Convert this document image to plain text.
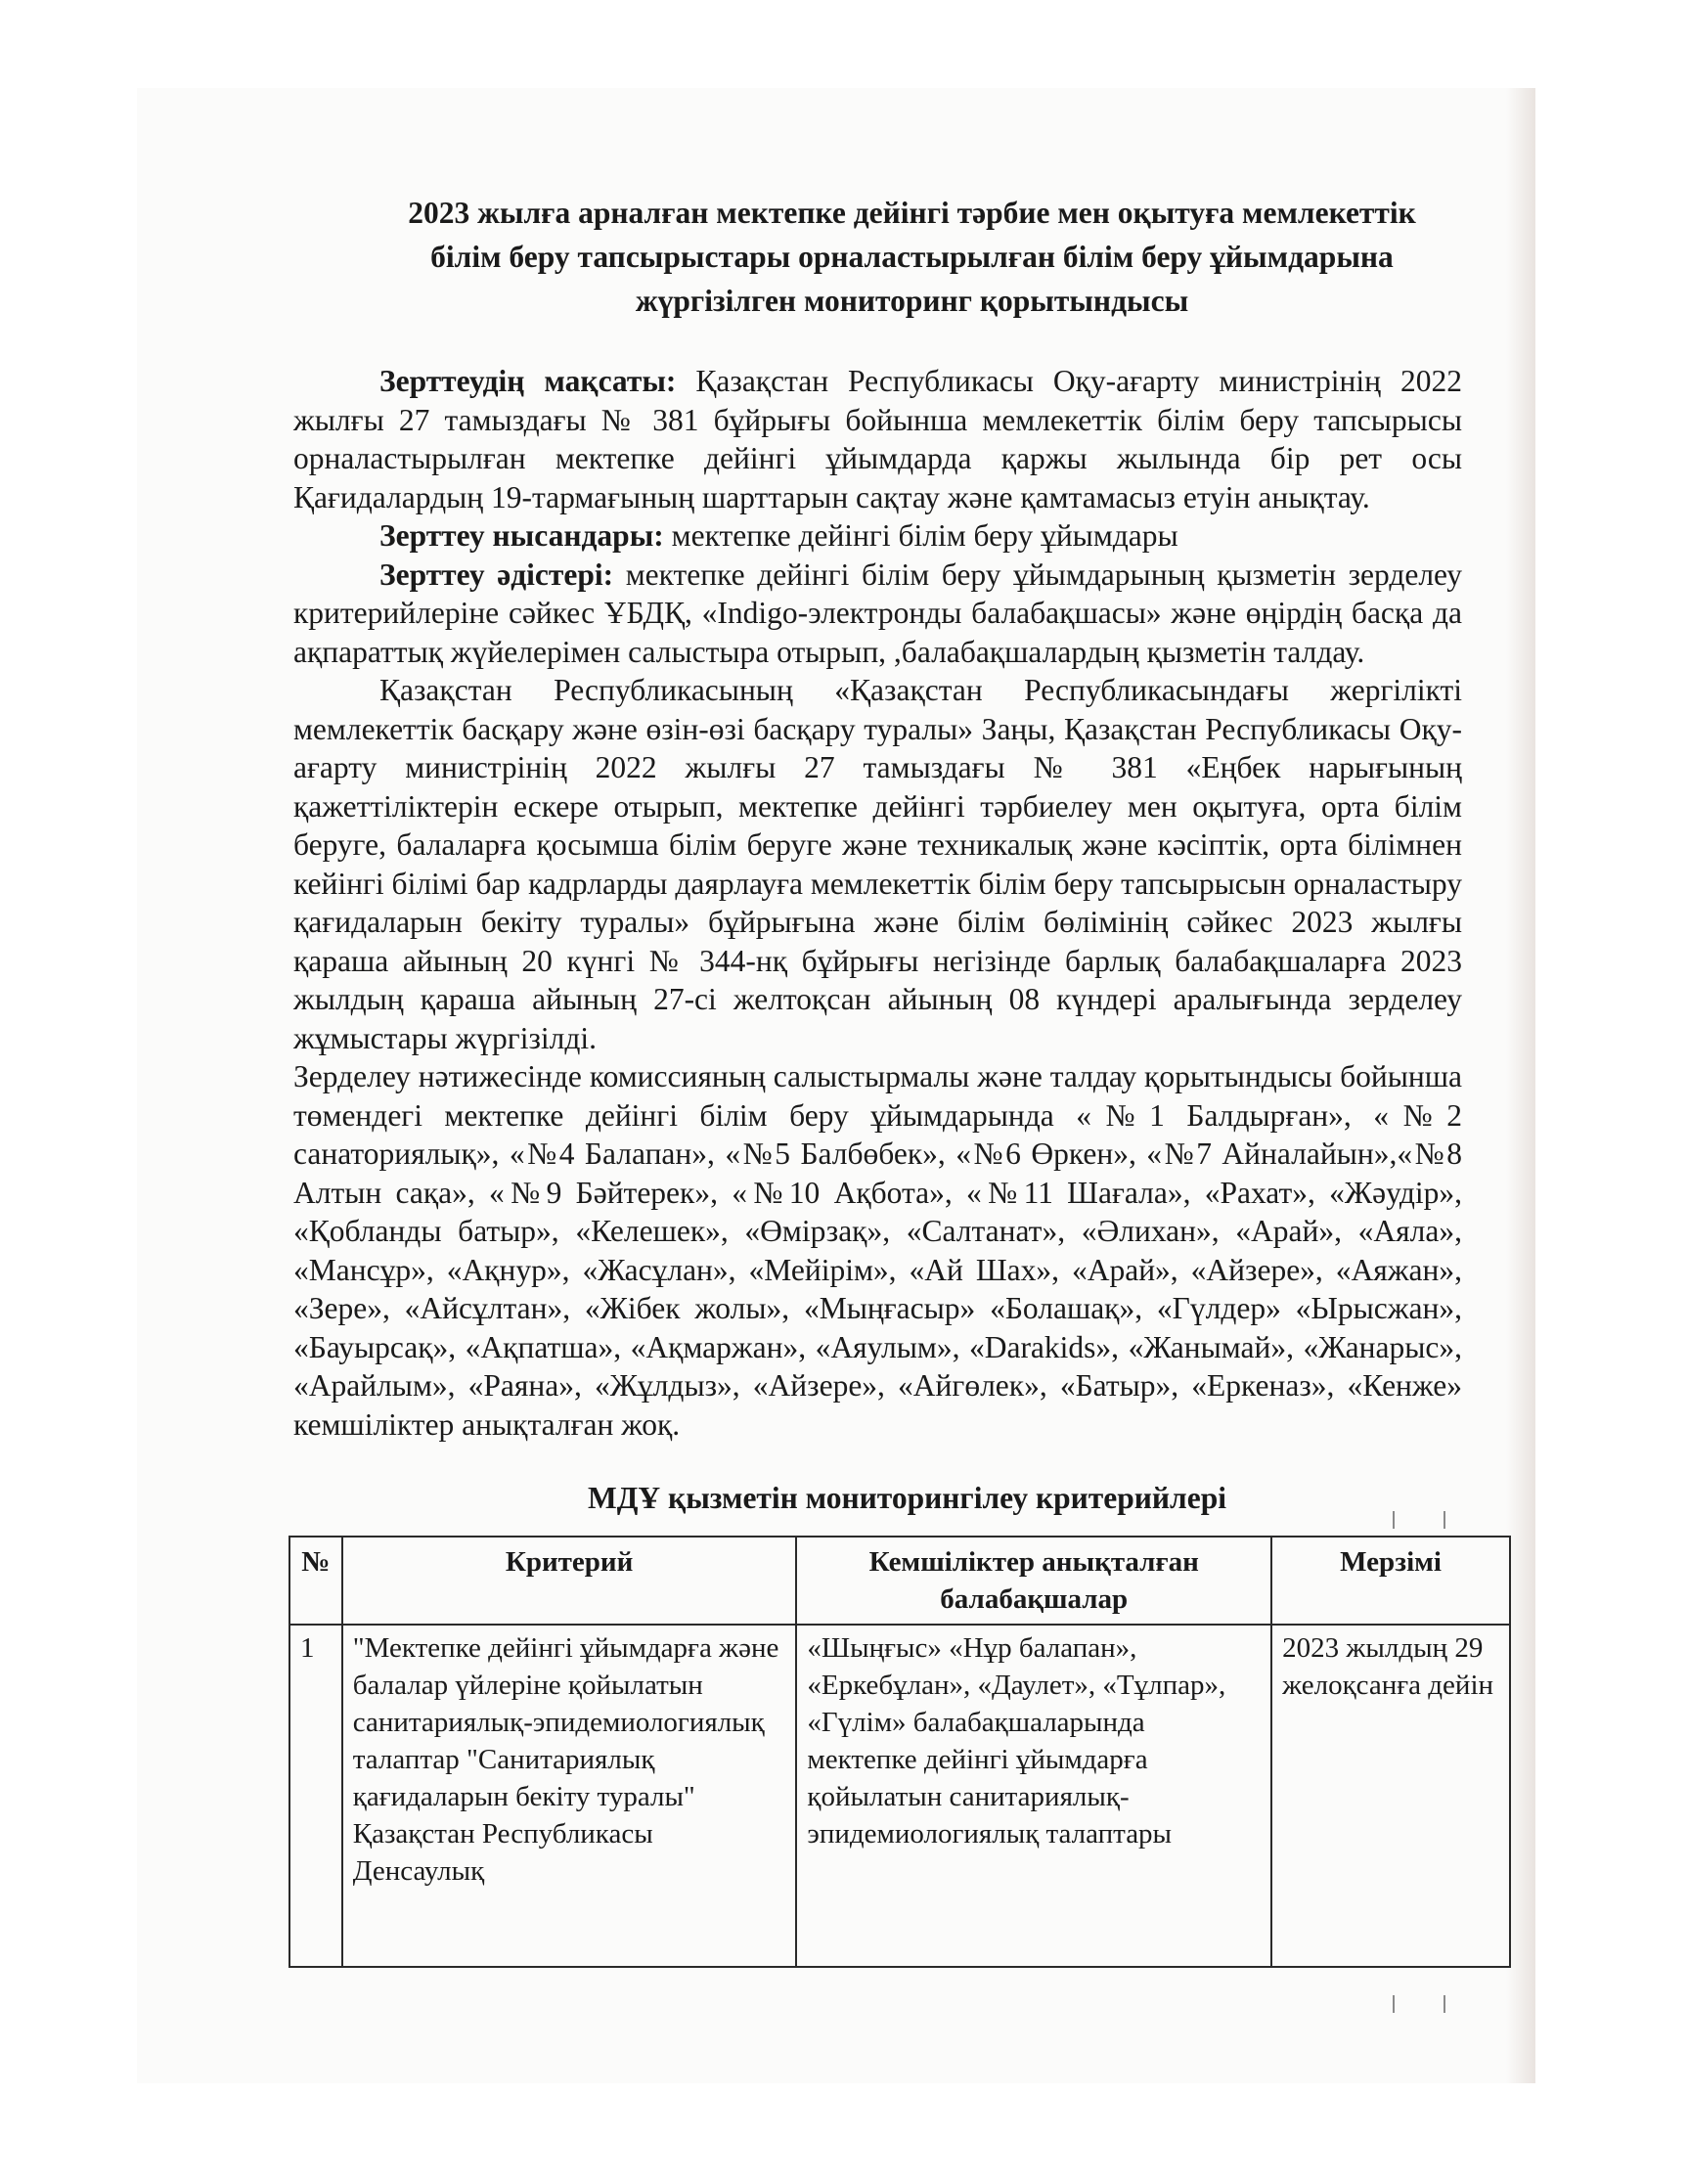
2023 жылға арналған мектепке дейінгі тәрбие мен оқытуға мемлекеттік
білім беру тапсырыстары орналастырылған білім беру ұйымдарына
жүргізілген мониторинг қорытындысы

Зерттеудің мақсаты: Қазақстан Республикасы Оқу-ағарту министрінің 2022 жылғы 27 тамыздағы № 381 бұйрығы бойынша мемлекеттік білім беру тапсырысы орналастырылған мектепке дейінгі ұйымдарда қаржы жылында бір рет осы Қағидалардың 19-тармағының шарттарын сақтау және қамтамасыз етуін анықтау.

Зерттеу нысандары: мектепке дейінгі білім беру ұйымдары

Зерттеу әдістері: мектепке дейінгі білім беру ұйымдарының қызметін зерделеу критерийлеріне сәйкес ҰБДҚ, «Indigo-электронды балабақшасы» және өңірдің басқа да ақпараттық жүйелерімен салыстыра отырып, ,балабақшалардың қызметін талдау.

Қазақстан Республикасының «Қазақстан Республикасындағы жергілікті мемлекеттік басқару және өзін-өзі басқару туралы» Заңы, Қазақстан Республикасы Оқу-ағарту министрінің 2022 жылғы 27 тамыздағы № 381 «Еңбек нарығының қажеттіліктерін ескере отырып, мектепке дейінгі тәрбиелеу мен оқытуға, орта білім беруге, балаларға қосымша білім беруге және техникалық және кәсіптік, орта білімнен кейінгі білімі бар кадрларды даярлауға мемлекеттік білім беру тапсырысын орналастыру қағидаларын бекіту туралы» бұйрығына және білім бөлімінің сәйкес 2023 жылғы қараша айының 20 күнгі № 344-нқ бұйрығы негізінде барлық балабақшаларға 2023 жылдың қараша айының 27-сі желтоқсан айының 08 күндері аралығында зерделеу жұмыстары жүргізілді.

Зерделеу нәтижесінде комиссияның салыстырмалы және талдау қорытындысы бойынша төмендегі мектепке дейінгі білім беру ұйымдарында «№1 Балдырған», «№2 санаториялық», «№4 Балапан», «№5 Балбөбек», «№6 Өркен», «№7 Айналайын»,«№8 Алтын сақа», «№9 Бәйтерек», «№10 Ақбота», «№11 Шағала», «Рахат», «Жәудір», «Қобланды батыр», «Келешек», «Өмірзақ», «Салтанат», «Әлихан», «Арай», «Аяла», «Мансұр», «Ақнур», «Жасұлан», «Мейірім», «Ай Шах», «Арай», «Айзере», «Аяжан», «Зере», «Айсұлтан», «Жібек жолы», «Мыңғасыр» «Болашақ», «Гүлдер» «Ырысжан», «Бауырсақ», «Ақпатша», «Ақмаржан», «Аяулым», «Darakids», «Жанымай», «Жанарыс», «Арайлым», «Раяна», «Жұлдыз», «Айзере», «Айгөлек», «Батыр», «Еркеназ», «Кенже» кемшіліктер анықталған жоқ.

МДҰ қызметін мониторингілеу критерийлері
№	Критерий	Кемшіліктер анықталған балабақшалар	Мерзімі
1	"Мектепке дейінгі ұйымдарға және балалар үйлеріне қойылатын санитариялық-эпидемиологиялық талаптар "Санитариялық қағидаларын бекіту туралы" Қазақстан Республикасы Денсаулық	«Шыңғыс» «Нұр балапан», «Еркебұлан», «Даулет», «Тұлпар», «Гүлім» балабақшаларында мектепке дейінгі ұйымдарға қойылатын санитариялық-эпидемиологиялық талаптары	2023 жылдың 29 желоқсанға дейін
